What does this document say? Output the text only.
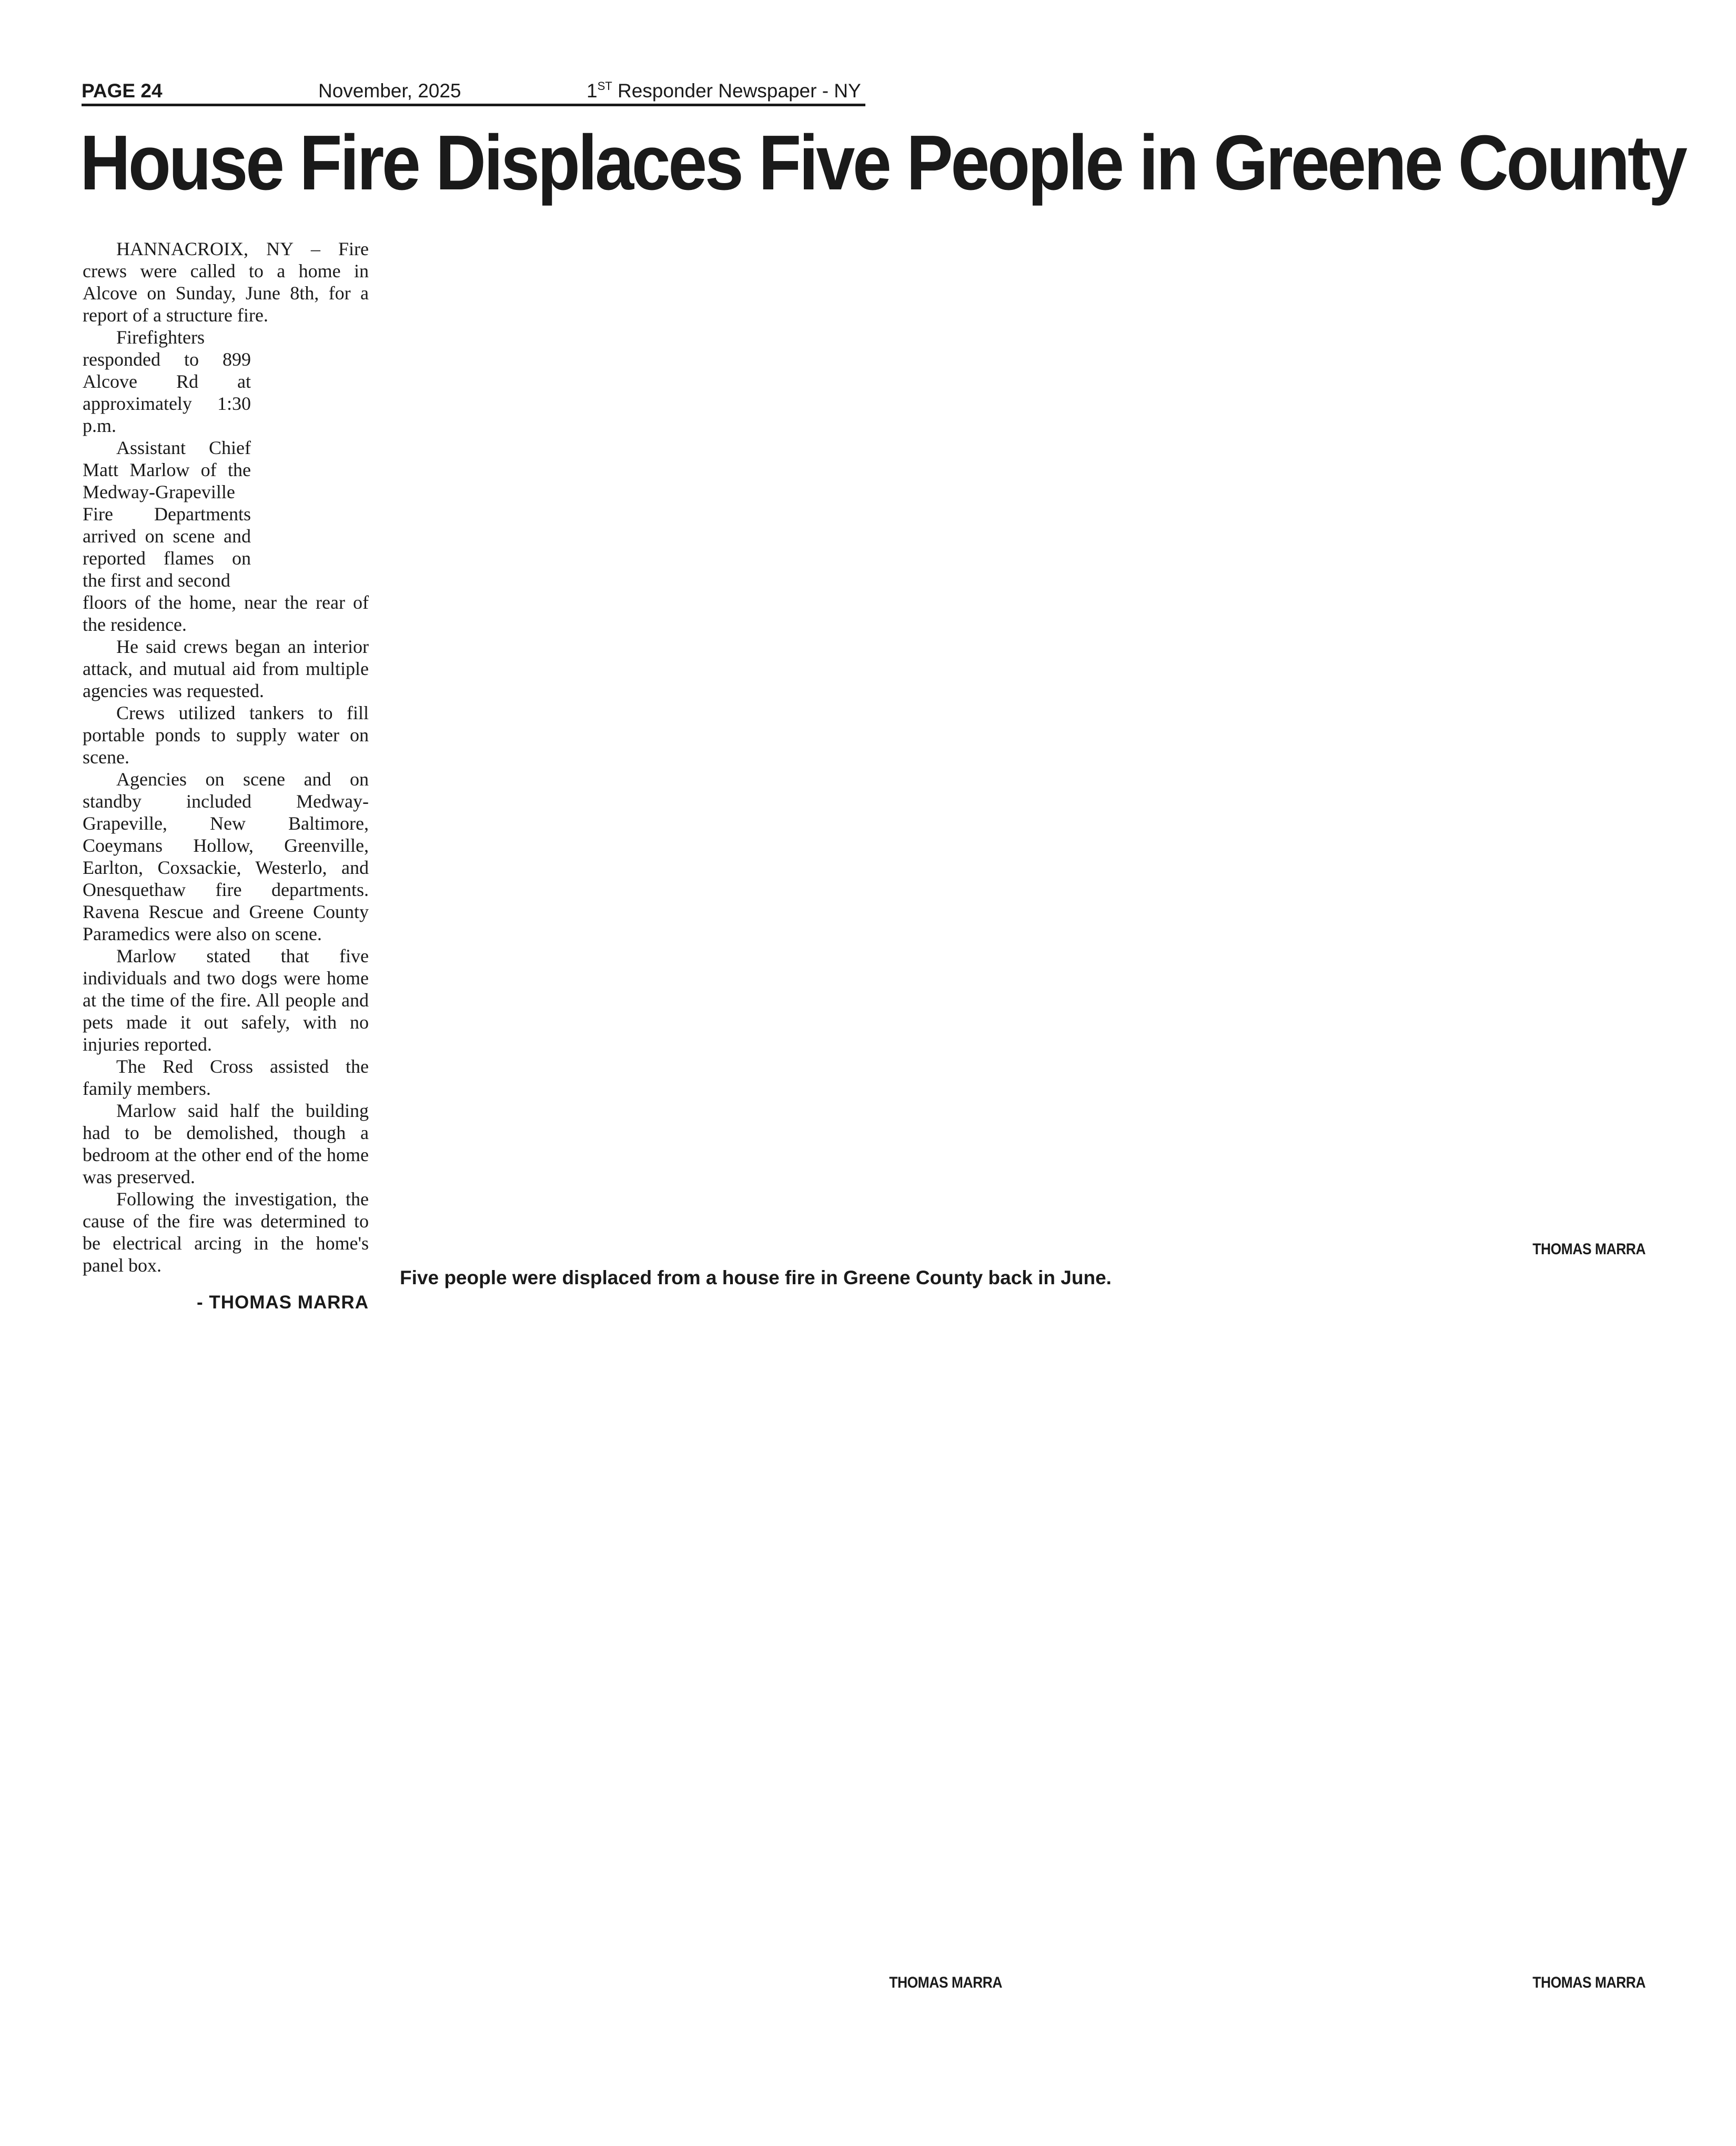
PAGE 24	November, 2025	1ST Responder Newspaper - NY
House Fire Displaces Five People in Greene County

HANNACROIX, NY – Fire crews were called to a home in Alcove on Sunday, June 8th, for a report of a structure fire.

Firefighters responded to 899 Alcove Rd at approximately 1:30 p.m.

Assistant Chief Matt Marlow of the Medway-Grapeville Fire Departments arrived on scene and reported flames on the first and second

floors of the home, near the rear of the residence.

He said crews began an interior attack, and mutual aid from multiple agencies was requested.

Crews utilized tankers to fill portable ponds to supply water on scene.

Agencies on scene and on standby included Medway-Grapeville, New Baltimore, Coeymans Hollow, Greenville, Earlton, Coxsackie, Westerlo, and Onesquethaw fire departments. Ravena Rescue and Greene County Paramedics were also on scene.

Marlow stated that five individuals and two dogs were home at the time of the fire. All people and pets made it out safely, with no injuries reported.

The Red Cross assisted the family members.

Marlow said half the building had to be demolished, though a bedroom at the other end of the home was preserved.

Following the investigation, the cause of the fire was determined to be electrical arcing in the home's panel box.

- THOMAS MARRA
THOMAS MARRA
Five people were displaced from a house fire in Greene County back in June.
THOMAS MARRA	THOMAS MARRA
